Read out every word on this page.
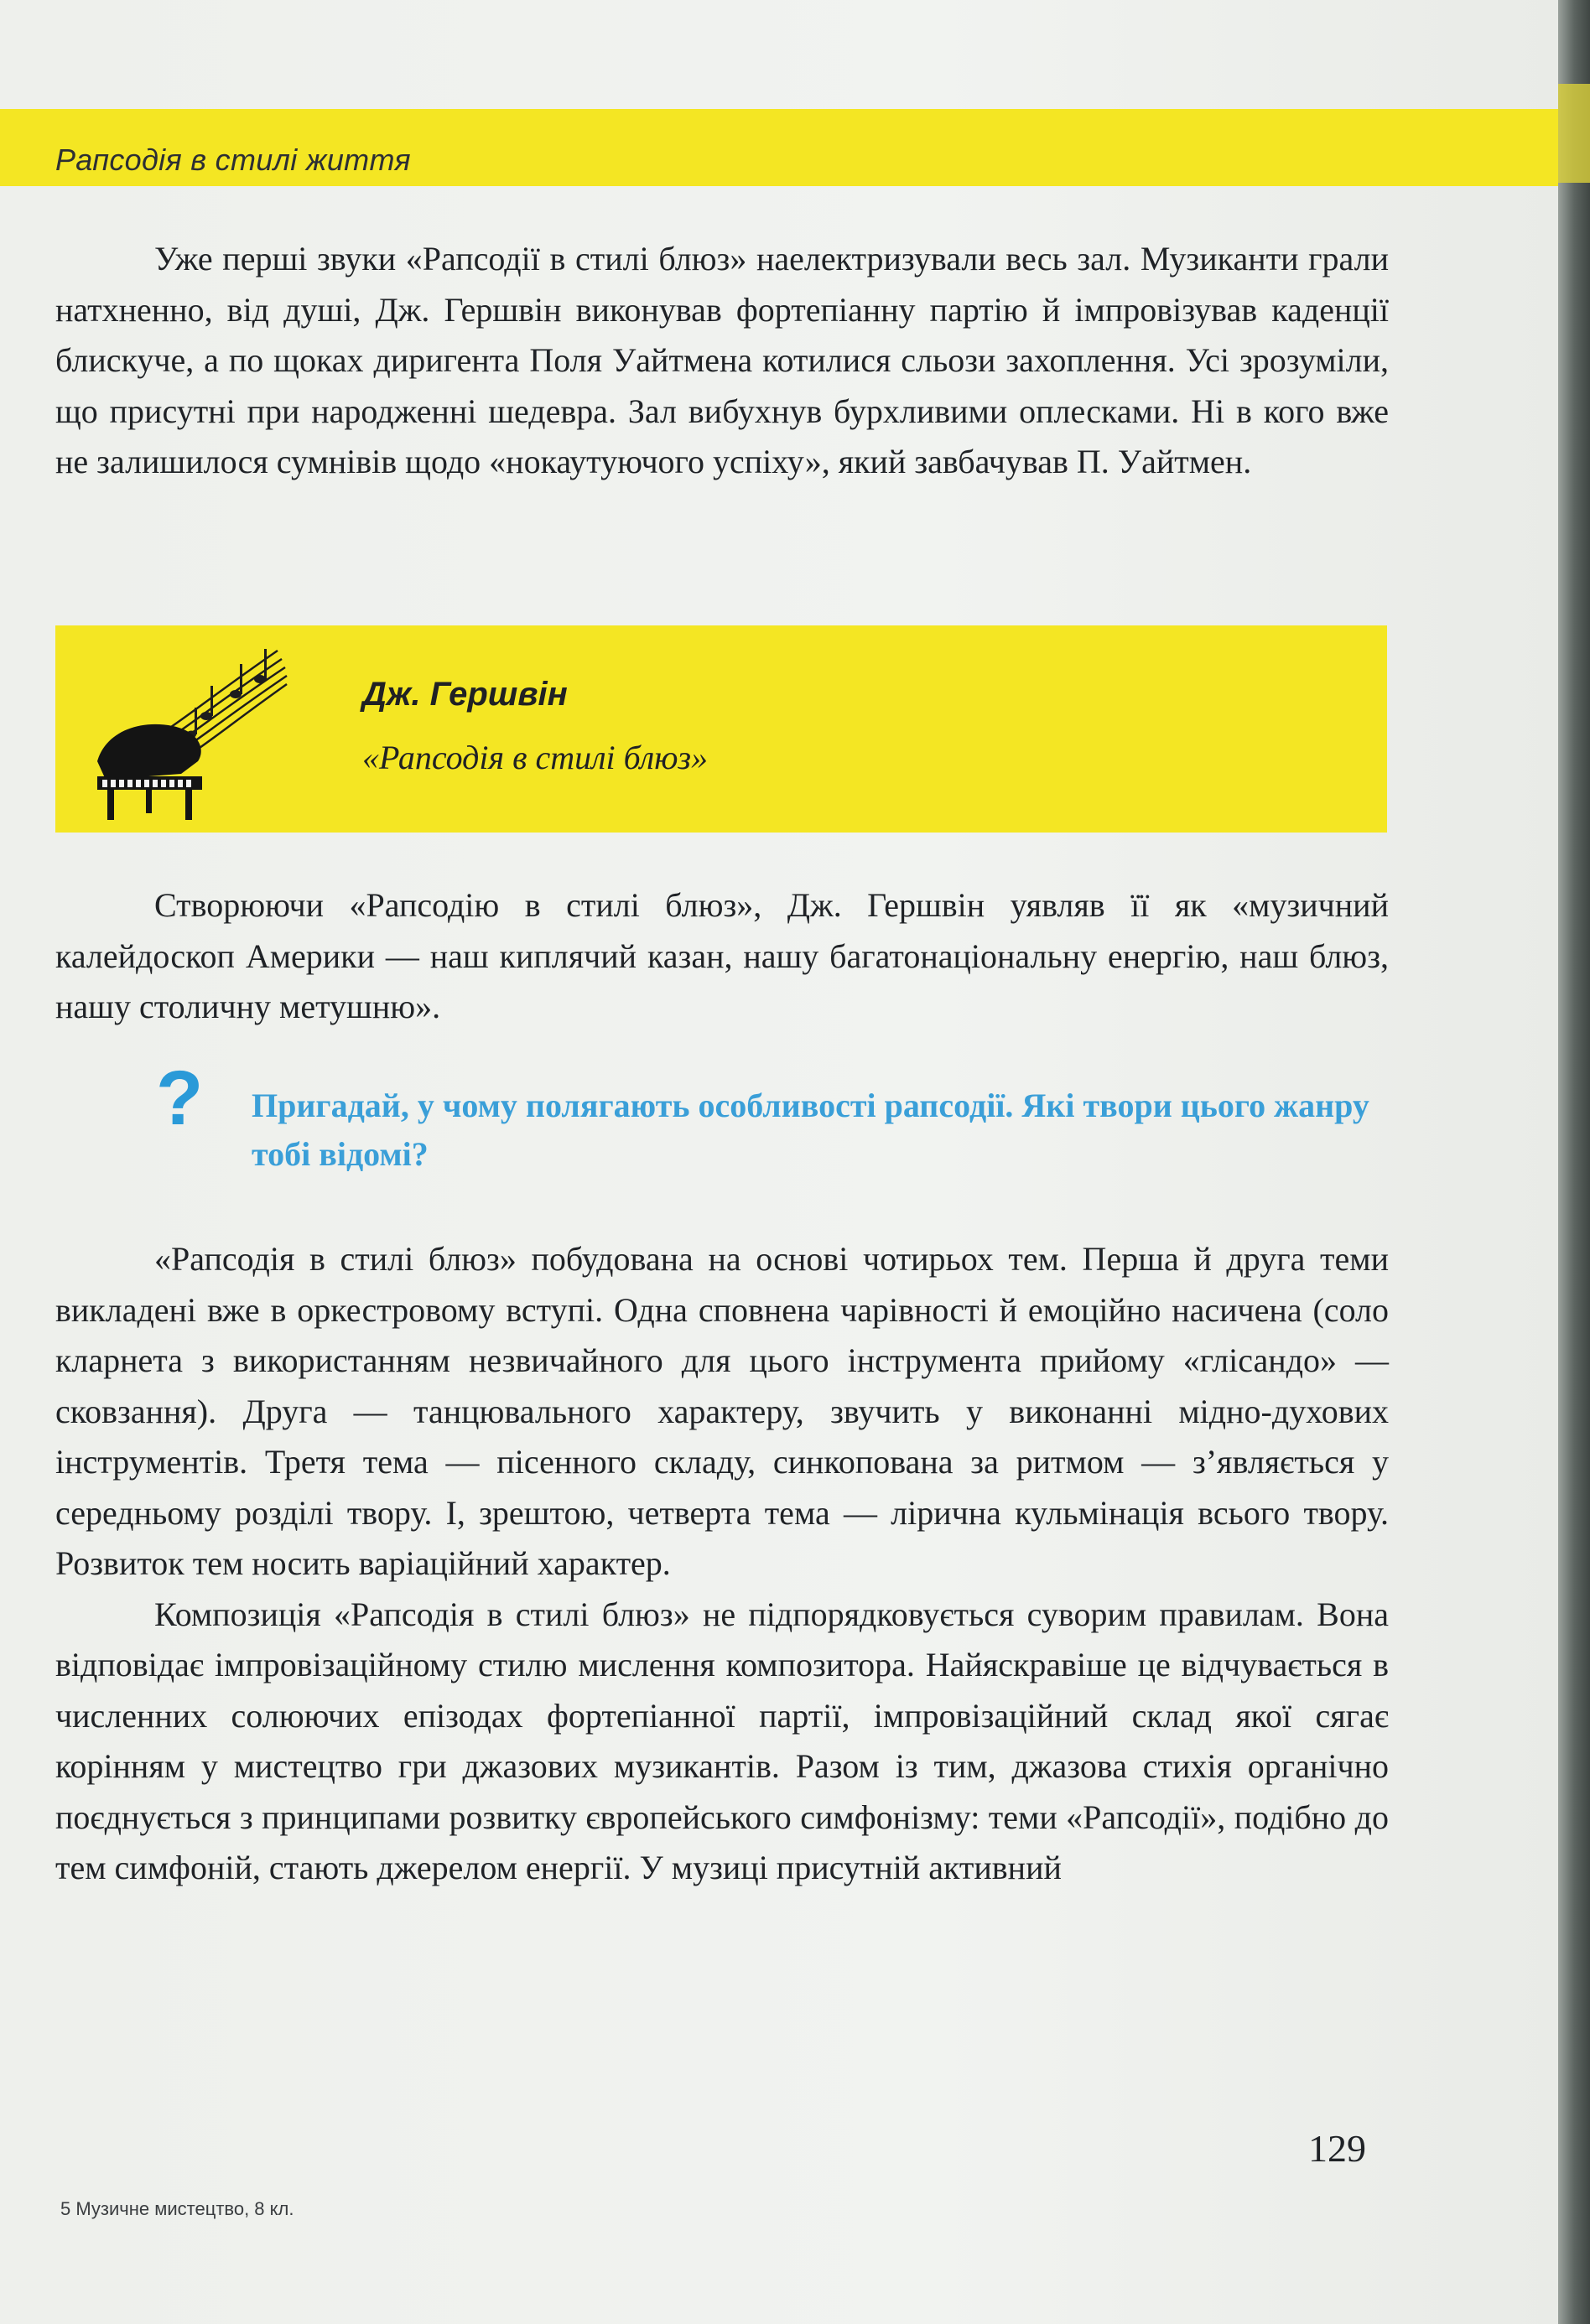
Рапсодія в стилі життя

Уже перші звуки «Рапсодії в стилі блюз» наелектризували весь зал. Музиканти грали натхненно, від душі, Дж. Гершвін виконував фортепіанну партію й імпровізував каденції блискуче, а по щоках диригента Поля Уайтмена котилися сльози захоплення. Усі зрозуміли, що присутні при народженні шедевра. Зал вибухнув бурхливими оплесками. Ні в кого вже не залишилося сумнівів щодо «нокаутуючого успіху», який завбачував П. Уайтмен.

Дж. Гершвін
«Рапсодія в стилі блюз»

Створюючи «Рапсодію в стилі блюз», Дж. Гершвін уявляв її як «музичний калейдоскоп Америки — наш киплячий казан, нашу багатонаціональну енергію, наш блюз, нашу столичну метушню».

? Пригадай, у чому полягають особливості рапсодії. Які твори цього жанру тобі відомі?

«Рапсодія в стилі блюз» побудована на основі чотирьох тем. Перша й друга теми викладені вже в оркестровому вступі. Одна сповнена чарівності й емоційно насичена (соло кларнета з використанням незвичайного для цього інструмента прийому «глісандо» — сковзання). Друга — танцювального характеру, звучить у виконанні мідно-духових інструментів. Третя тема — пісенного складу, синкопована за ритмом — з’являється у середньому розділі твору. І, зрештою, четверта тема — лірична кульмінація всього твору. Розвиток тем носить варіаційний характер.

Композиція «Рапсодія в стилі блюз» не підпорядковується суворим правилам. Вона відповідає імпровізаційному стилю мислення композитора. Найяскравіше це відчувається в численних солюючих епізодах фортепіанної партії, імпровізаційний склад якої сягає корінням у мистецтво гри джазових музикантів. Разом із тим, джазова стихія органічно поєднується з принципами розвитку європейського симфонізму: теми «Рапсодії», подібно до тем симфоній, стають джерелом енергії. У музиці присутній активний

129
5 Музичне мистецтво, 8 кл.
